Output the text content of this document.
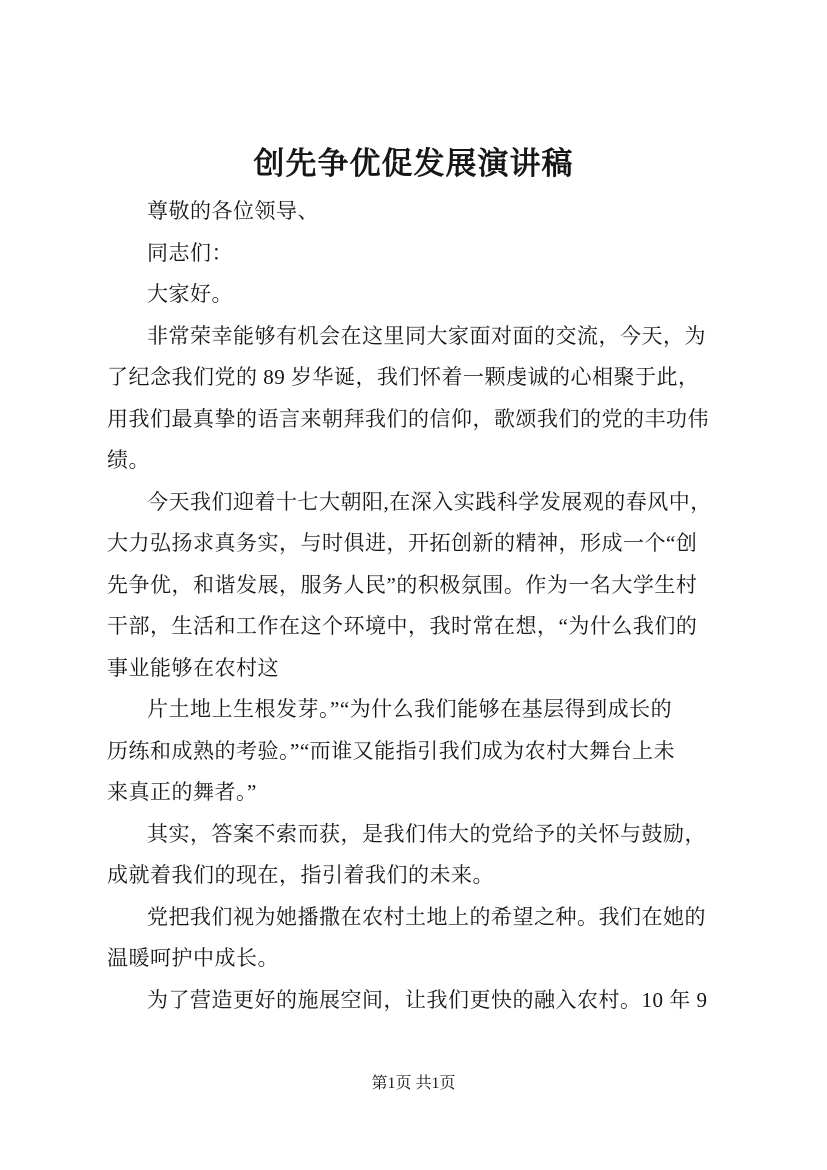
创先争优促发展演讲稿
尊敬的各位领导、
同志们：
大家好。
非常荣幸能够有机会在这里同大家面对面的交流，今天，为
了纪念我们党的 89 岁华诞，我们怀着一颗虔诚的心相聚于此，
用我们最真挚的语言来朝拜我们的信仰，歌颂我们的党的丰功伟
绩。
今天我们迎着十七大朝阳,在深入实践科学发展观的春风中，
大力弘扬求真务实，与时俱进，开拓创新的精神，形成一个“创
先争优，和谐发展，服务人民”的积极氛围。作为一名大学生村
干部，生活和工作在这个环境中，我时常在想，“为什么我们的
事业能够在农村这
片土地上生根发芽。”“为什么我们能够在基层得到成长的
历练和成熟的考验。”“而谁又能指引我们成为农村大舞台上未
来真正的舞者。”
其实，答案不索而获，是我们伟大的党给予的关怀与鼓励，
成就着我们的现在，指引着我们的未来。
党把我们视为她播撒在农村土地上的希望之种。我们在她的
温暖呵护中成长。
为了营造更好的施展空间，让我们更快的融入农村。10 年 9
第1页 共1页
